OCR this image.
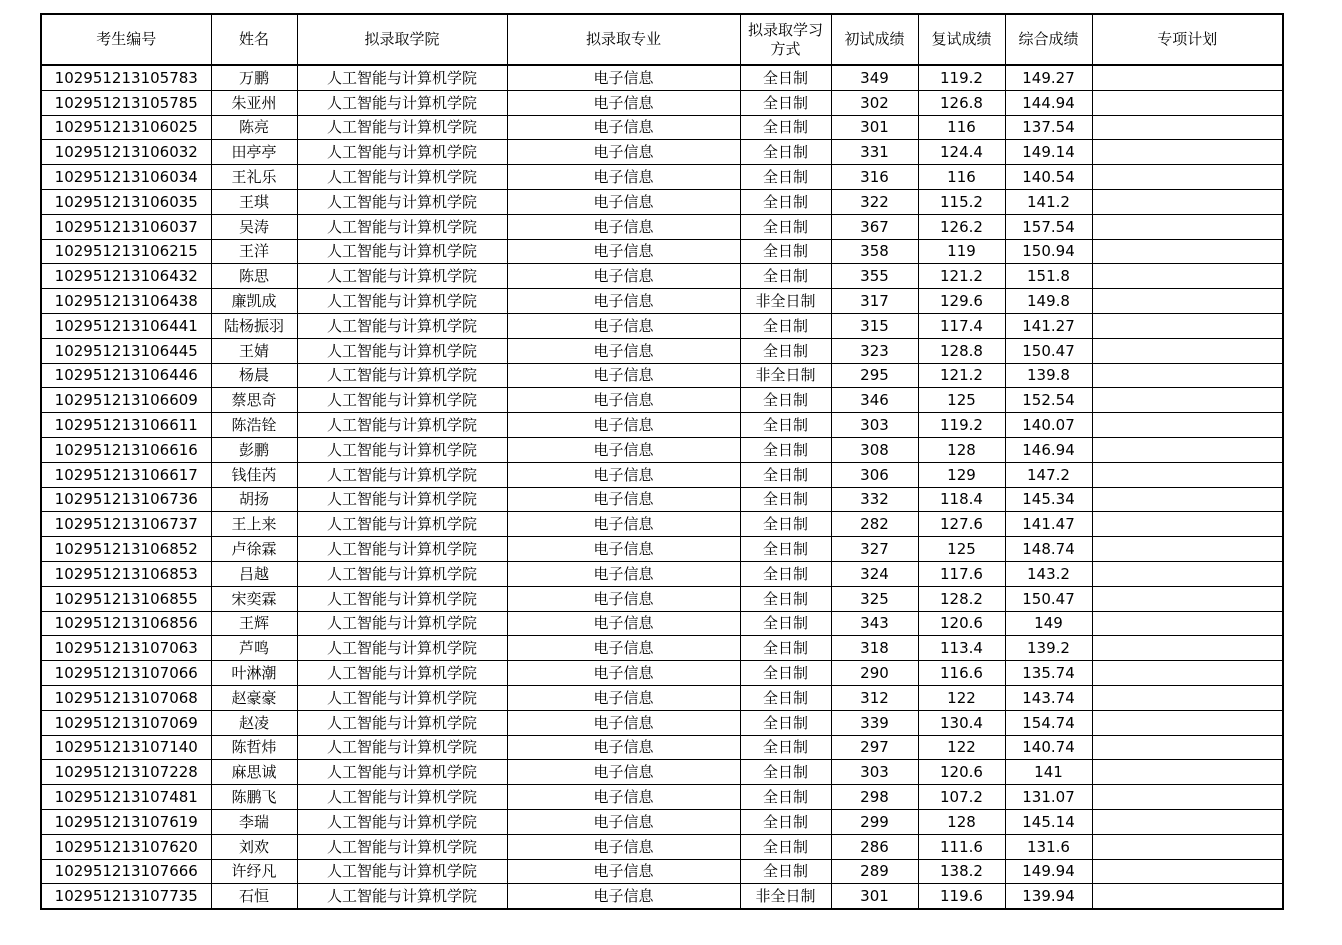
考生编号	姓名	拟录取学院	拟录取专业	拟录取学习方式	初试成绩	复试成绩	综合成绩	专项计划
102951213105783	万鹏	人工智能与计算机学院	电子信息	全日制	349	119.2	149.27	
102951213105785	朱亚州	人工智能与计算机学院	电子信息	全日制	302	126.8	144.94	
102951213106025	陈亮	人工智能与计算机学院	电子信息	全日制	301	116	137.54	
102951213106032	田亭亭	人工智能与计算机学院	电子信息	全日制	331	124.4	149.14	
102951213106034	王礼乐	人工智能与计算机学院	电子信息	全日制	316	116	140.54	
102951213106035	王琪	人工智能与计算机学院	电子信息	全日制	322	115.2	141.2	
102951213106037	吴涛	人工智能与计算机学院	电子信息	全日制	367	126.2	157.54	
102951213106215	王洋	人工智能与计算机学院	电子信息	全日制	358	119	150.94	
102951213106432	陈思	人工智能与计算机学院	电子信息	全日制	355	121.2	151.8	
102951213106438	廉凯成	人工智能与计算机学院	电子信息	非全日制	317	129.6	149.8	
102951213106441	陆杨振羽	人工智能与计算机学院	电子信息	全日制	315	117.4	141.27	
102951213106445	王婧	人工智能与计算机学院	电子信息	全日制	323	128.8	150.47	
102951213106446	杨晨	人工智能与计算机学院	电子信息	非全日制	295	121.2	139.8	
102951213106609	蔡思奇	人工智能与计算机学院	电子信息	全日制	346	125	152.54	
102951213106611	陈浩铨	人工智能与计算机学院	电子信息	全日制	303	119.2	140.07	
102951213106616	彭鹏	人工智能与计算机学院	电子信息	全日制	308	128	146.94	
102951213106617	钱佳芮	人工智能与计算机学院	电子信息	全日制	306	129	147.2	
102951213106736	胡扬	人工智能与计算机学院	电子信息	全日制	332	118.4	145.34	
102951213106737	王上来	人工智能与计算机学院	电子信息	全日制	282	127.6	141.47	
102951213106852	卢徐霖	人工智能与计算机学院	电子信息	全日制	327	125	148.74	
102951213106853	吕越	人工智能与计算机学院	电子信息	全日制	324	117.6	143.2	
102951213106855	宋奕霖	人工智能与计算机学院	电子信息	全日制	325	128.2	150.47	
102951213106856	王辉	人工智能与计算机学院	电子信息	全日制	343	120.6	149	
102951213107063	芦鸣	人工智能与计算机学院	电子信息	全日制	318	113.4	139.2	
102951213107066	叶淋潮	人工智能与计算机学院	电子信息	全日制	290	116.6	135.74	
102951213107068	赵豪豪	人工智能与计算机学院	电子信息	全日制	312	122	143.74	
102951213107069	赵凌	人工智能与计算机学院	电子信息	全日制	339	130.4	154.74	
102951213107140	陈哲炜	人工智能与计算机学院	电子信息	全日制	297	122	140.74	
102951213107228	麻思诚	人工智能与计算机学院	电子信息	全日制	303	120.6	141	
102951213107481	陈鹏飞	人工智能与计算机学院	电子信息	全日制	298	107.2	131.07	
102951213107619	李瑞	人工智能与计算机学院	电子信息	全日制	299	128	145.14	
102951213107620	刘欢	人工智能与计算机学院	电子信息	全日制	286	111.6	131.6	
102951213107666	许纾凡	人工智能与计算机学院	电子信息	全日制	289	138.2	149.94	
102951213107735	石恒	人工智能与计算机学院	电子信息	非全日制	301	119.6	139.94	
